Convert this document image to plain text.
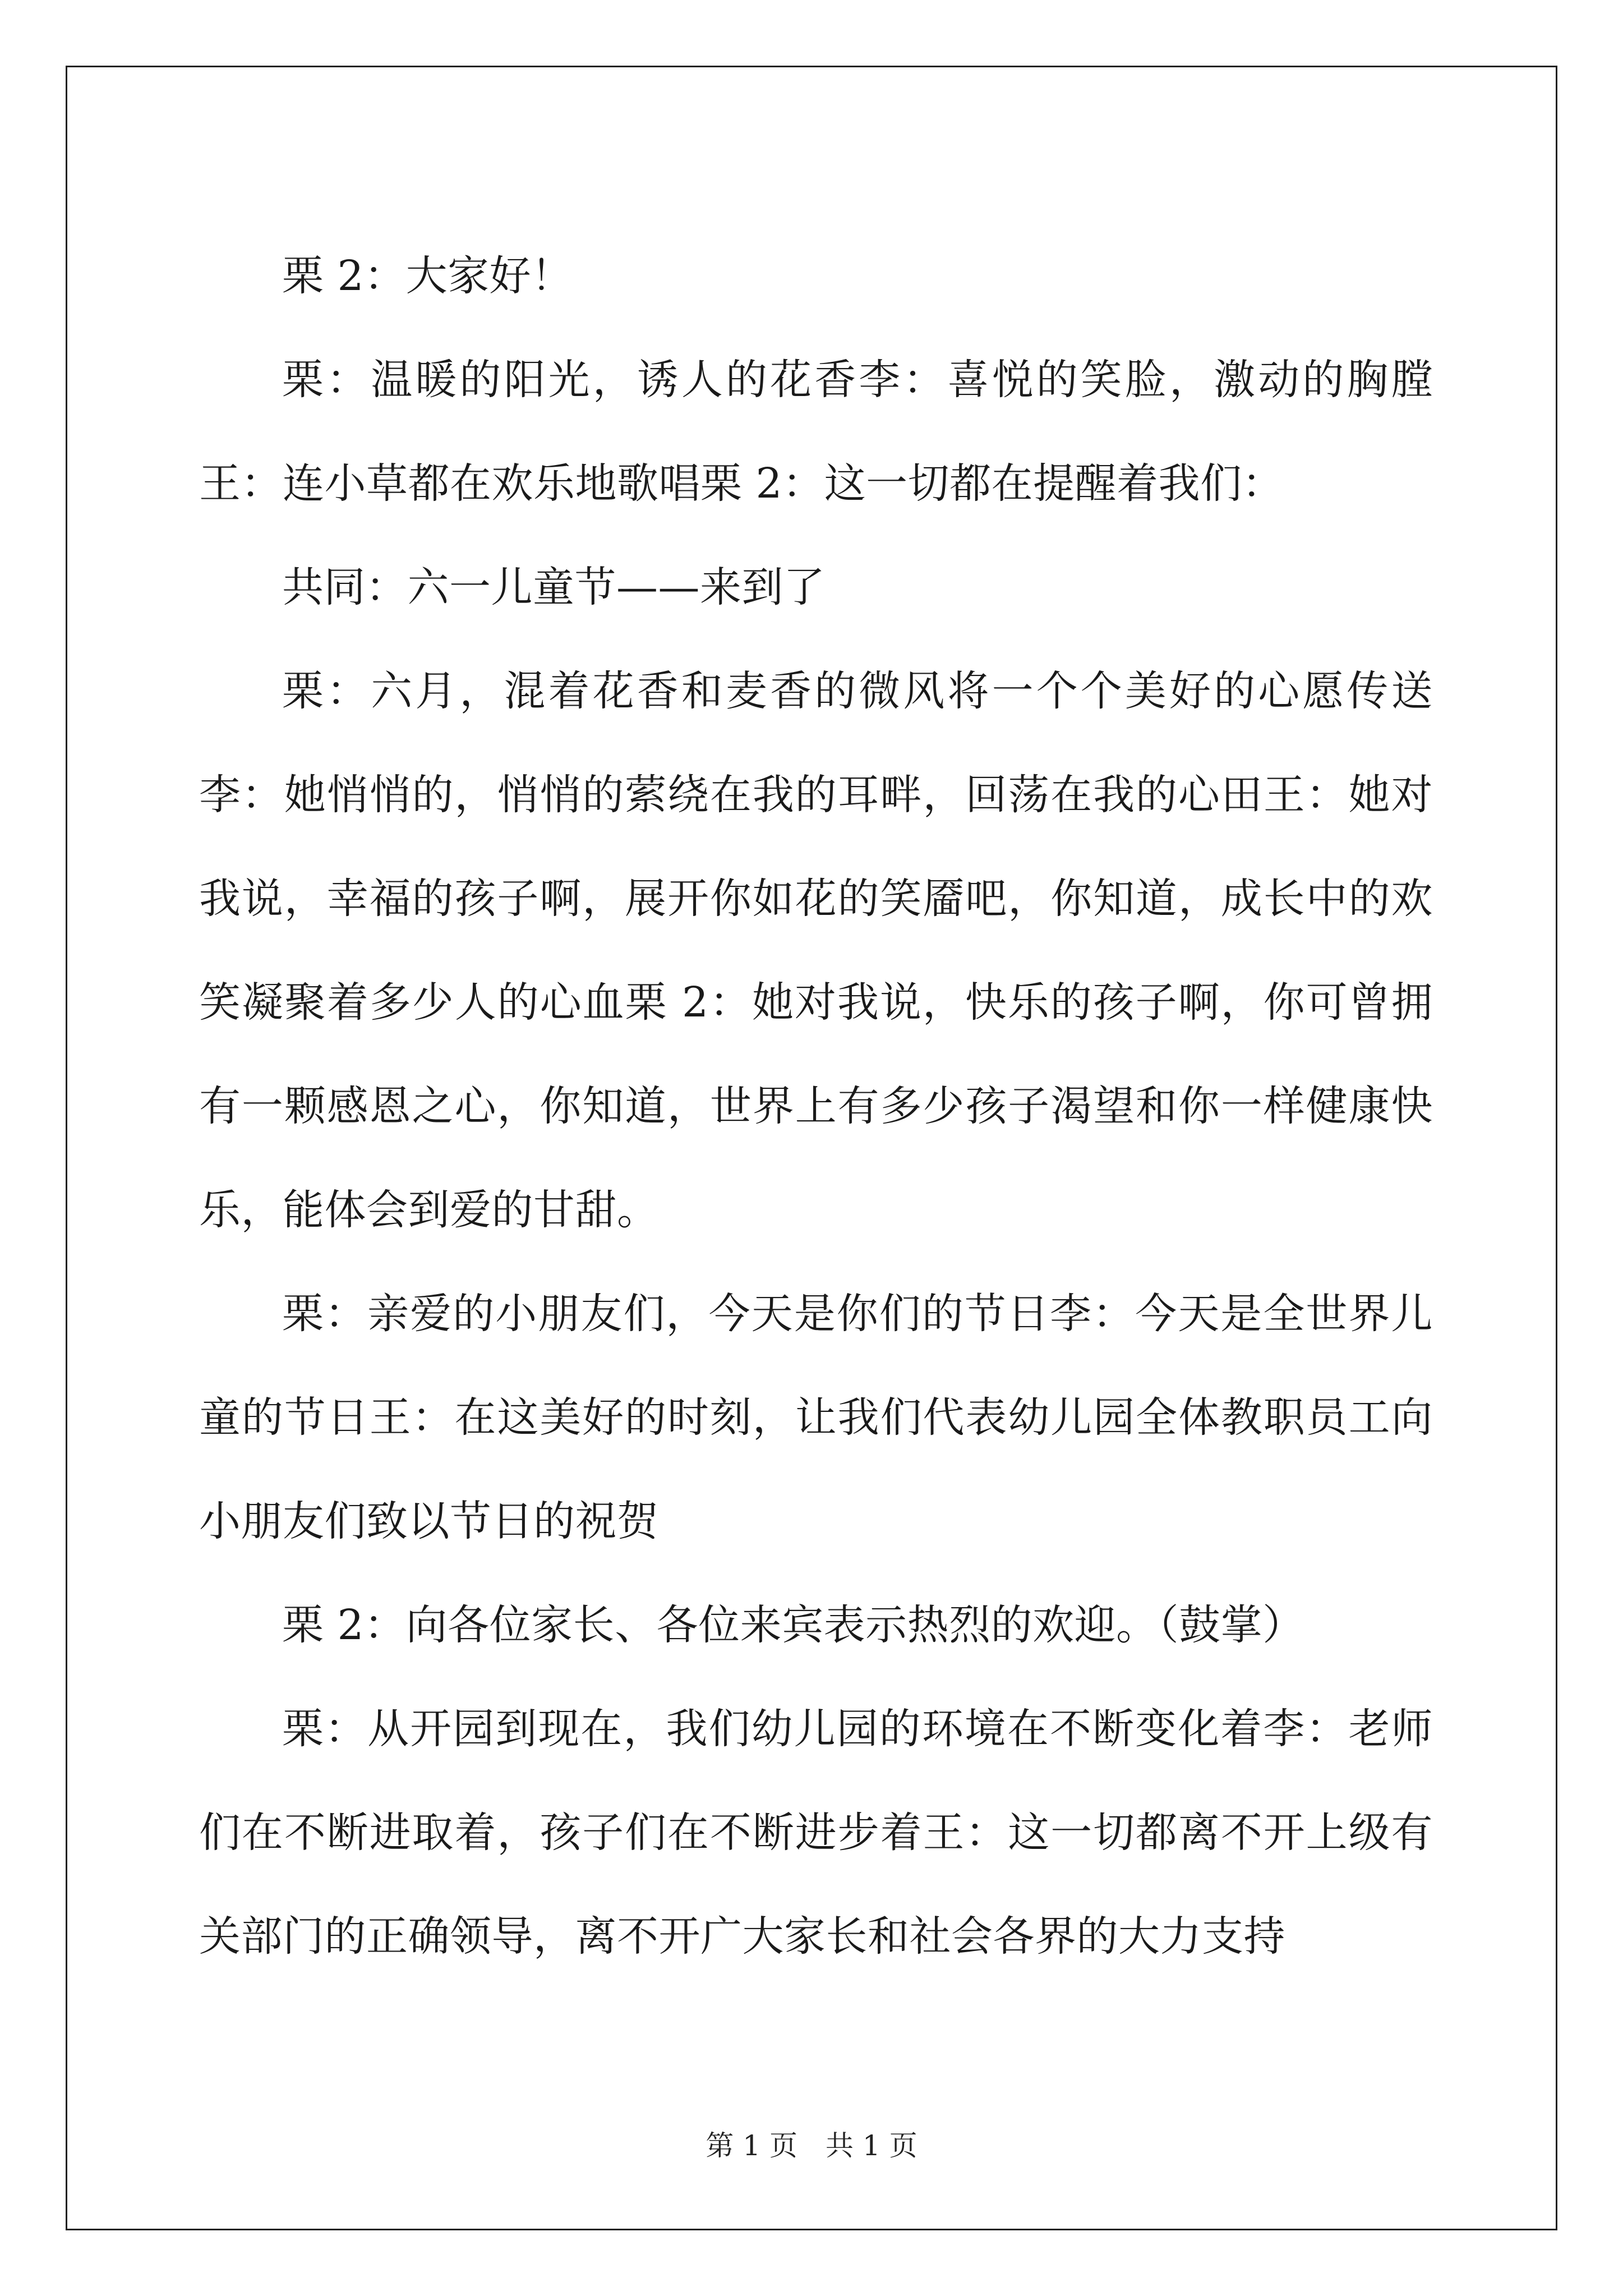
栗 2：大家好！

栗：温暖的阳光，诱人的花香李：喜悦的笑脸，激动的胸膛王：连小草都在欢乐地歌唱栗 2：这一切都在提醒着我们：

共同：六一儿童节——来到了

栗：六月，混着花香和麦香的微风将一个个美好的心愿传送李：她悄悄的，悄悄的萦绕在我的耳畔，回荡在我的心田王：她对我说，幸福的孩子啊，展开你如花的笑靥吧，你知道，成长中的欢笑凝聚着多少人的心血栗 2：她对我说，快乐的孩子啊，你可曾拥有一颗感恩之心，你知道，世界上有多少孩子渴望和你一样健康快乐，能体会到爱的甘甜。

栗：亲爱的小朋友们，今天是你们的节日李：今天是全世界儿童的节日王：在这美好的时刻，让我们代表幼儿园全体教职员工向小朋友们致以节日的祝贺

栗 2：向各位家长、各位来宾表示热烈的欢迎。（鼓掌）

栗：从开园到现在，我们幼儿园的环境在不断变化着李：老师们在不断进取着，孩子们在不断进步着王：这一切都离不开上级有关部门的正确领导，离不开广大家长和社会各界的大力支持

第 1 页 共 1 页
